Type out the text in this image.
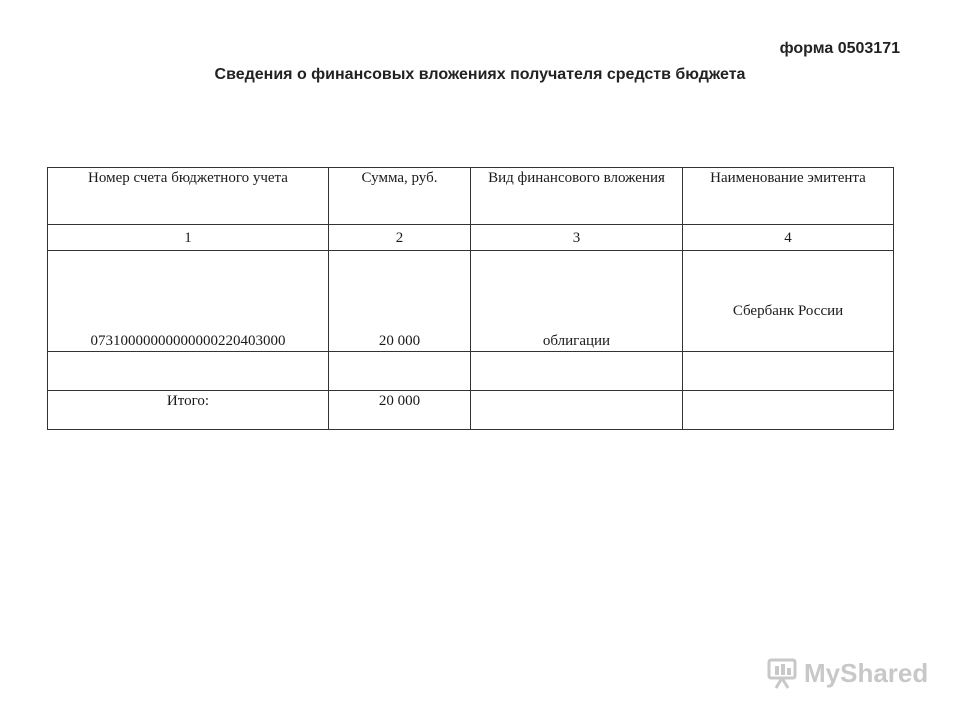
форма 0503171
Сведения о финансовых вложениях получателя средств бюджета
Номер счета бюджетного учета	Сумма, руб.	Вид финансового вложения	Наименование эмитента
1	2	3	4
07310000000000000220403000	20 000	облигации	Сбербанк России

Итого:	20 000		
MyShared
